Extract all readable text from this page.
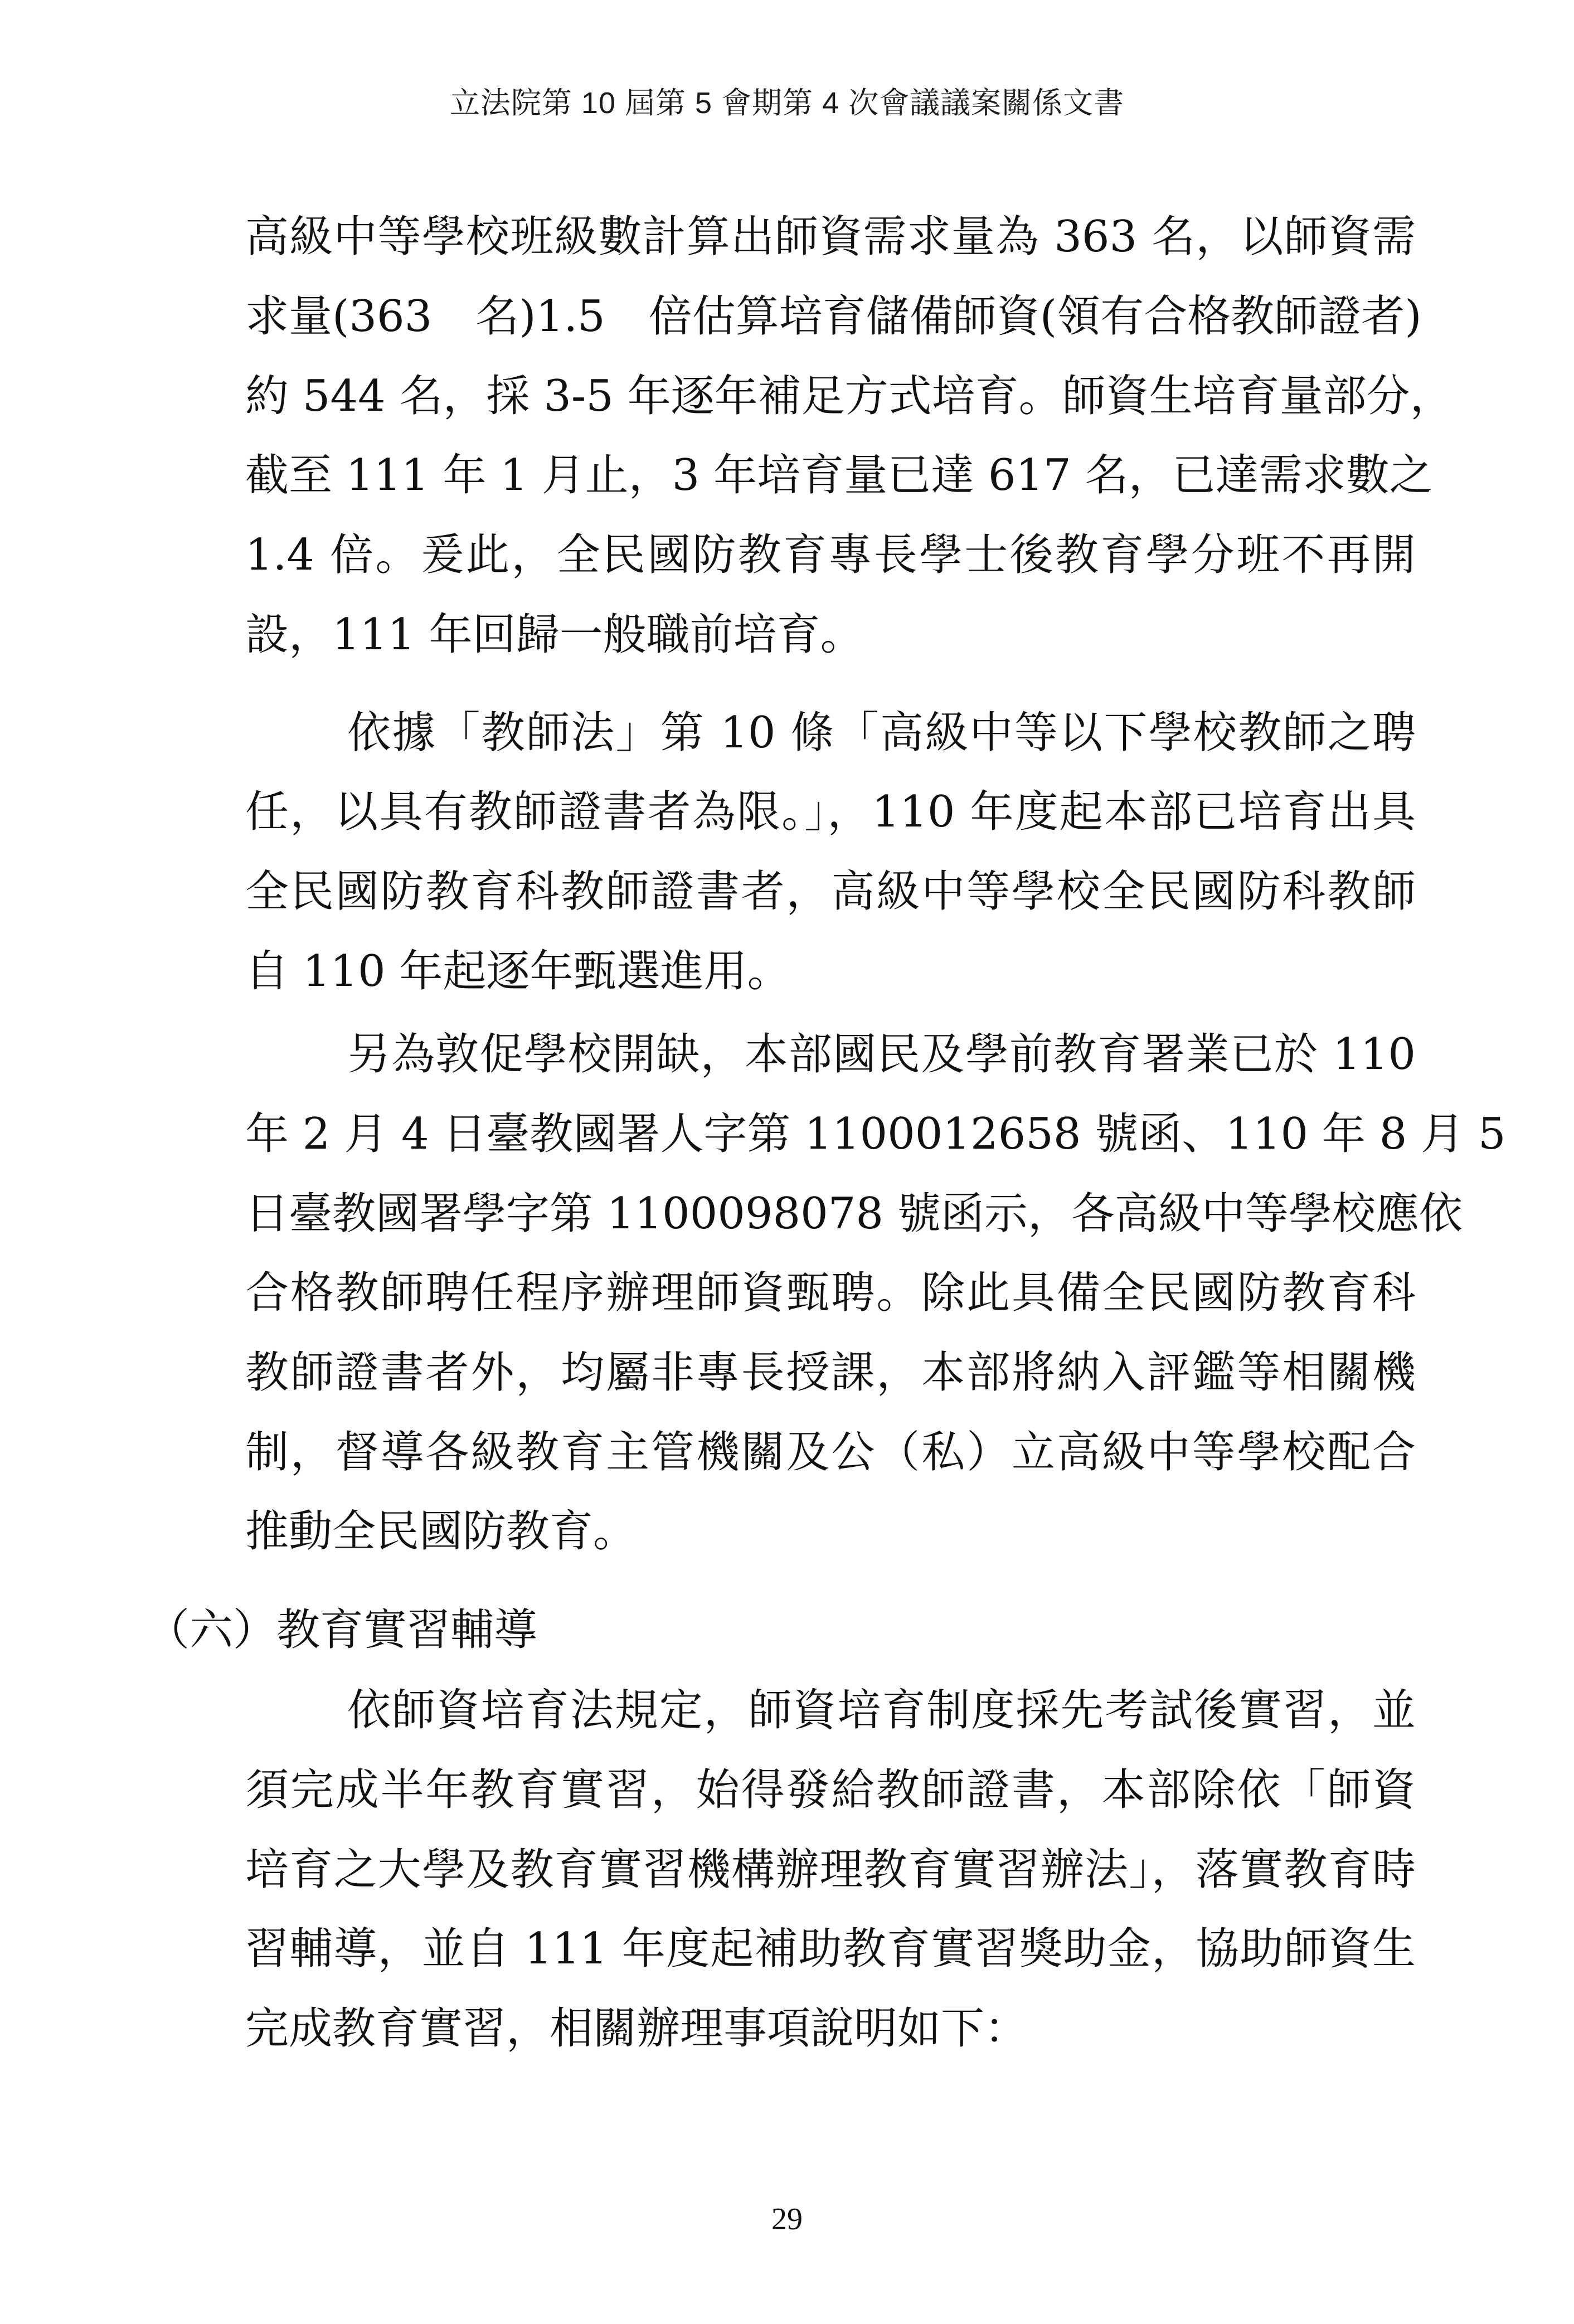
立法院第 10 屆第 5 會期第 4 次會議議案關係文書
高級中等學校班級數計算出師資需求量為 363 名，以師資需
求量(363　名)1.5　倍估算培育儲備師資(領有合格教師證者)
約 544 名，採 3-5 年逐年補足方式培育。師資生培育量部分，
截至 111 年 1 月止，3 年培育量已達 617 名，已達需求數之
1.4 倍。爰此，全民國防教育專長學士後教育學分班不再開
設，111 年回歸一般職前培育。
依據「教師法」第 10 條「高級中等以下學校教師之聘
任，以具有教師證書者為限。」，110 年度起本部已培育出具
全民國防教育科教師證書者，高級中等學校全民國防科教師
自 110 年起逐年甄選進用。
另為敦促學校開缺，本部國民及學前教育署業已於 110
年 2 月 4 日臺教國署人字第 1100012658 號函、110 年 8 月 5
日臺教國署學字第 1100098078 號函示，各高級中等學校應依
合格教師聘任程序辦理師資甄聘。除此具備全民國防教育科
教師證書者外，均屬非專長授課，本部將納入評鑑等相關機
制，督導各級教育主管機關及公（私）立高級中等學校配合
推動全民國防教育。
依師資培育法規定，師資培育制度採先考試後實習，並
須完成半年教育實習，始得發給教師證書，本部除依「師資
培育之大學及教育實習機構辦理教育實習辦法」，落實教育時
習輔導，並自 111 年度起補助教育實習獎助金，協助師資生
完成教育實習，相關辦理事項說明如下：
（六）教育實習輔導
29
